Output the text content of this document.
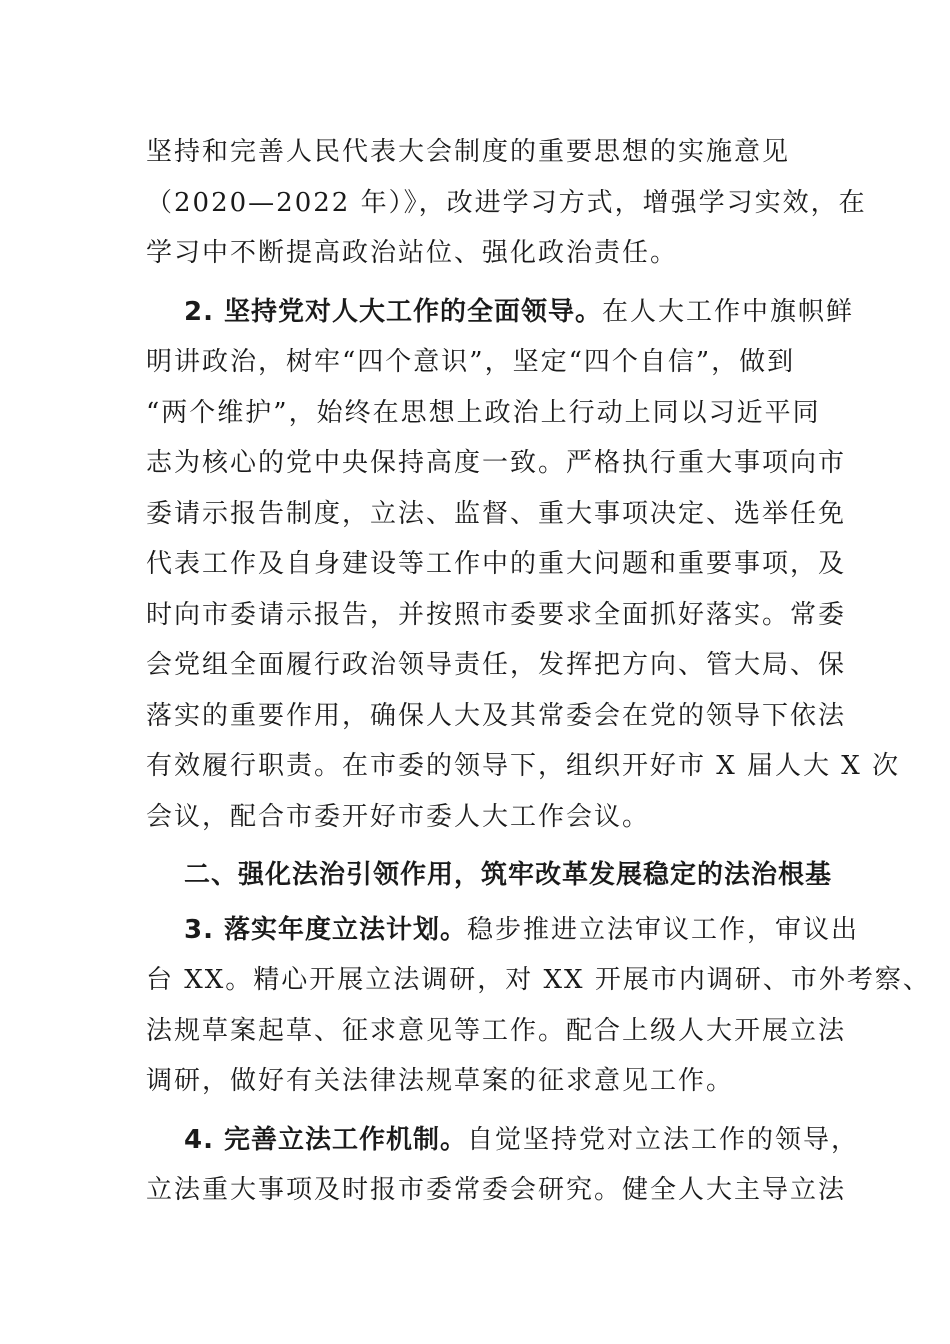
坚持和完善人民代表大会制度的重要思想的实施意见
（2020—2022 年）》，改进学习方式，增强学习实效，在
学习中不断提高政治站位、强化政治责任。
2. 坚持党对人大工作的全面领导。在人大工作中旗帜鲜
明讲政治，树牢“四个意识”，坚定“四个自信”，做到
“两个维护”，始终在思想上政治上行动上同以习近平同
志为核心的党中央保持高度一致。严格执行重大事项向市
委请示报告制度，立法、监督、重大事项决定、选举任免
代表工作及自身建设等工作中的重大问题和重要事项，及
时向市委请示报告，并按照市委要求全面抓好落实。常委
会党组全面履行政治领导责任，发挥把方向、管大局、保
落实的重要作用，确保人大及其常委会在党的领导下依法
有效履行职责。在市委的领导下，组织开好市 X 届人大 X 次
会议，配合市委开好市委人大工作会议。
二、强化法治引领作用，筑牢改革发展稳定的法治根基
3. 落实年度立法计划。稳步推进立法审议工作，审议出
台 XX。精心开展立法调研，对 XX 开展市内调研、市外考察、
法规草案起草、征求意见等工作。配合上级人大开展立法
调研，做好有关法律法规草案的征求意见工作。
4. 完善立法工作机制。自觉坚持党对立法工作的领导，
立法重大事项及时报市委常委会研究。健全人大主导立法
